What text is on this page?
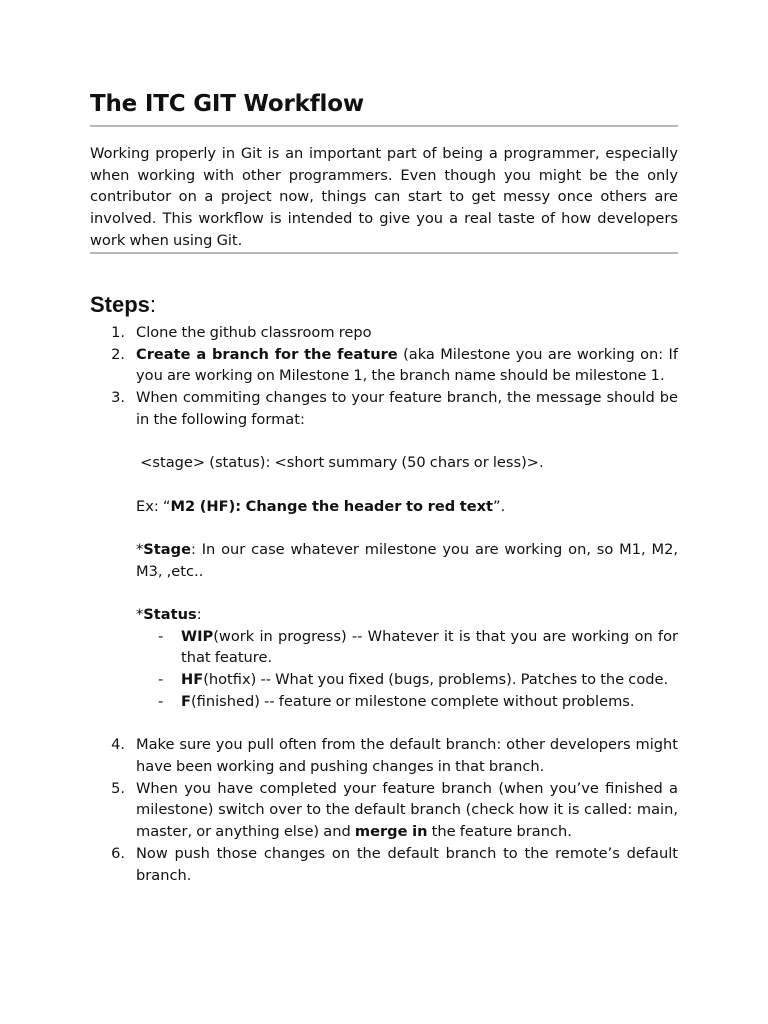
The ITC GIT Workflow

Working properly in Git is an important part of being a programmer, especially when working with other programmers. Even though you might be the only contributor on a project now, things can start to get messy once others are involved. This workflow is intended to give you a real taste of how developers work when using Git.

Steps:
1. Clone the github classroom repo
2. Create a branch for the feature (aka Milestone you are working on: If you are working on Milestone 1, the branch name should be milestone 1.
3. When commiting changes to your feature branch, the message should be in the following format:

<stage> (status): <short summary (50 chars or less)>.

Ex: “M2 (HF): Change the header to red text”.

*Stage: In our case whatever milestone you are working on, so M1, M2, M3, ,etc..

*Status:

- WIP(work in progress) -- Whatever it is that you are working on for that feature.
- HF(hotfix) -- What you fixed (bugs, problems). Patches to the code.
- F(finished) -- feature or milestone complete without problems.
4. Make sure you pull often from the default branch: other developers might have been working and pushing changes in that branch.
5. When you have completed your feature branch (when you’ve finished a milestone) switch over to the default branch (check how it is called: main, master, or anything else) and merge in the feature branch.
6. Now push those changes on the default branch to the remote’s default branch.
